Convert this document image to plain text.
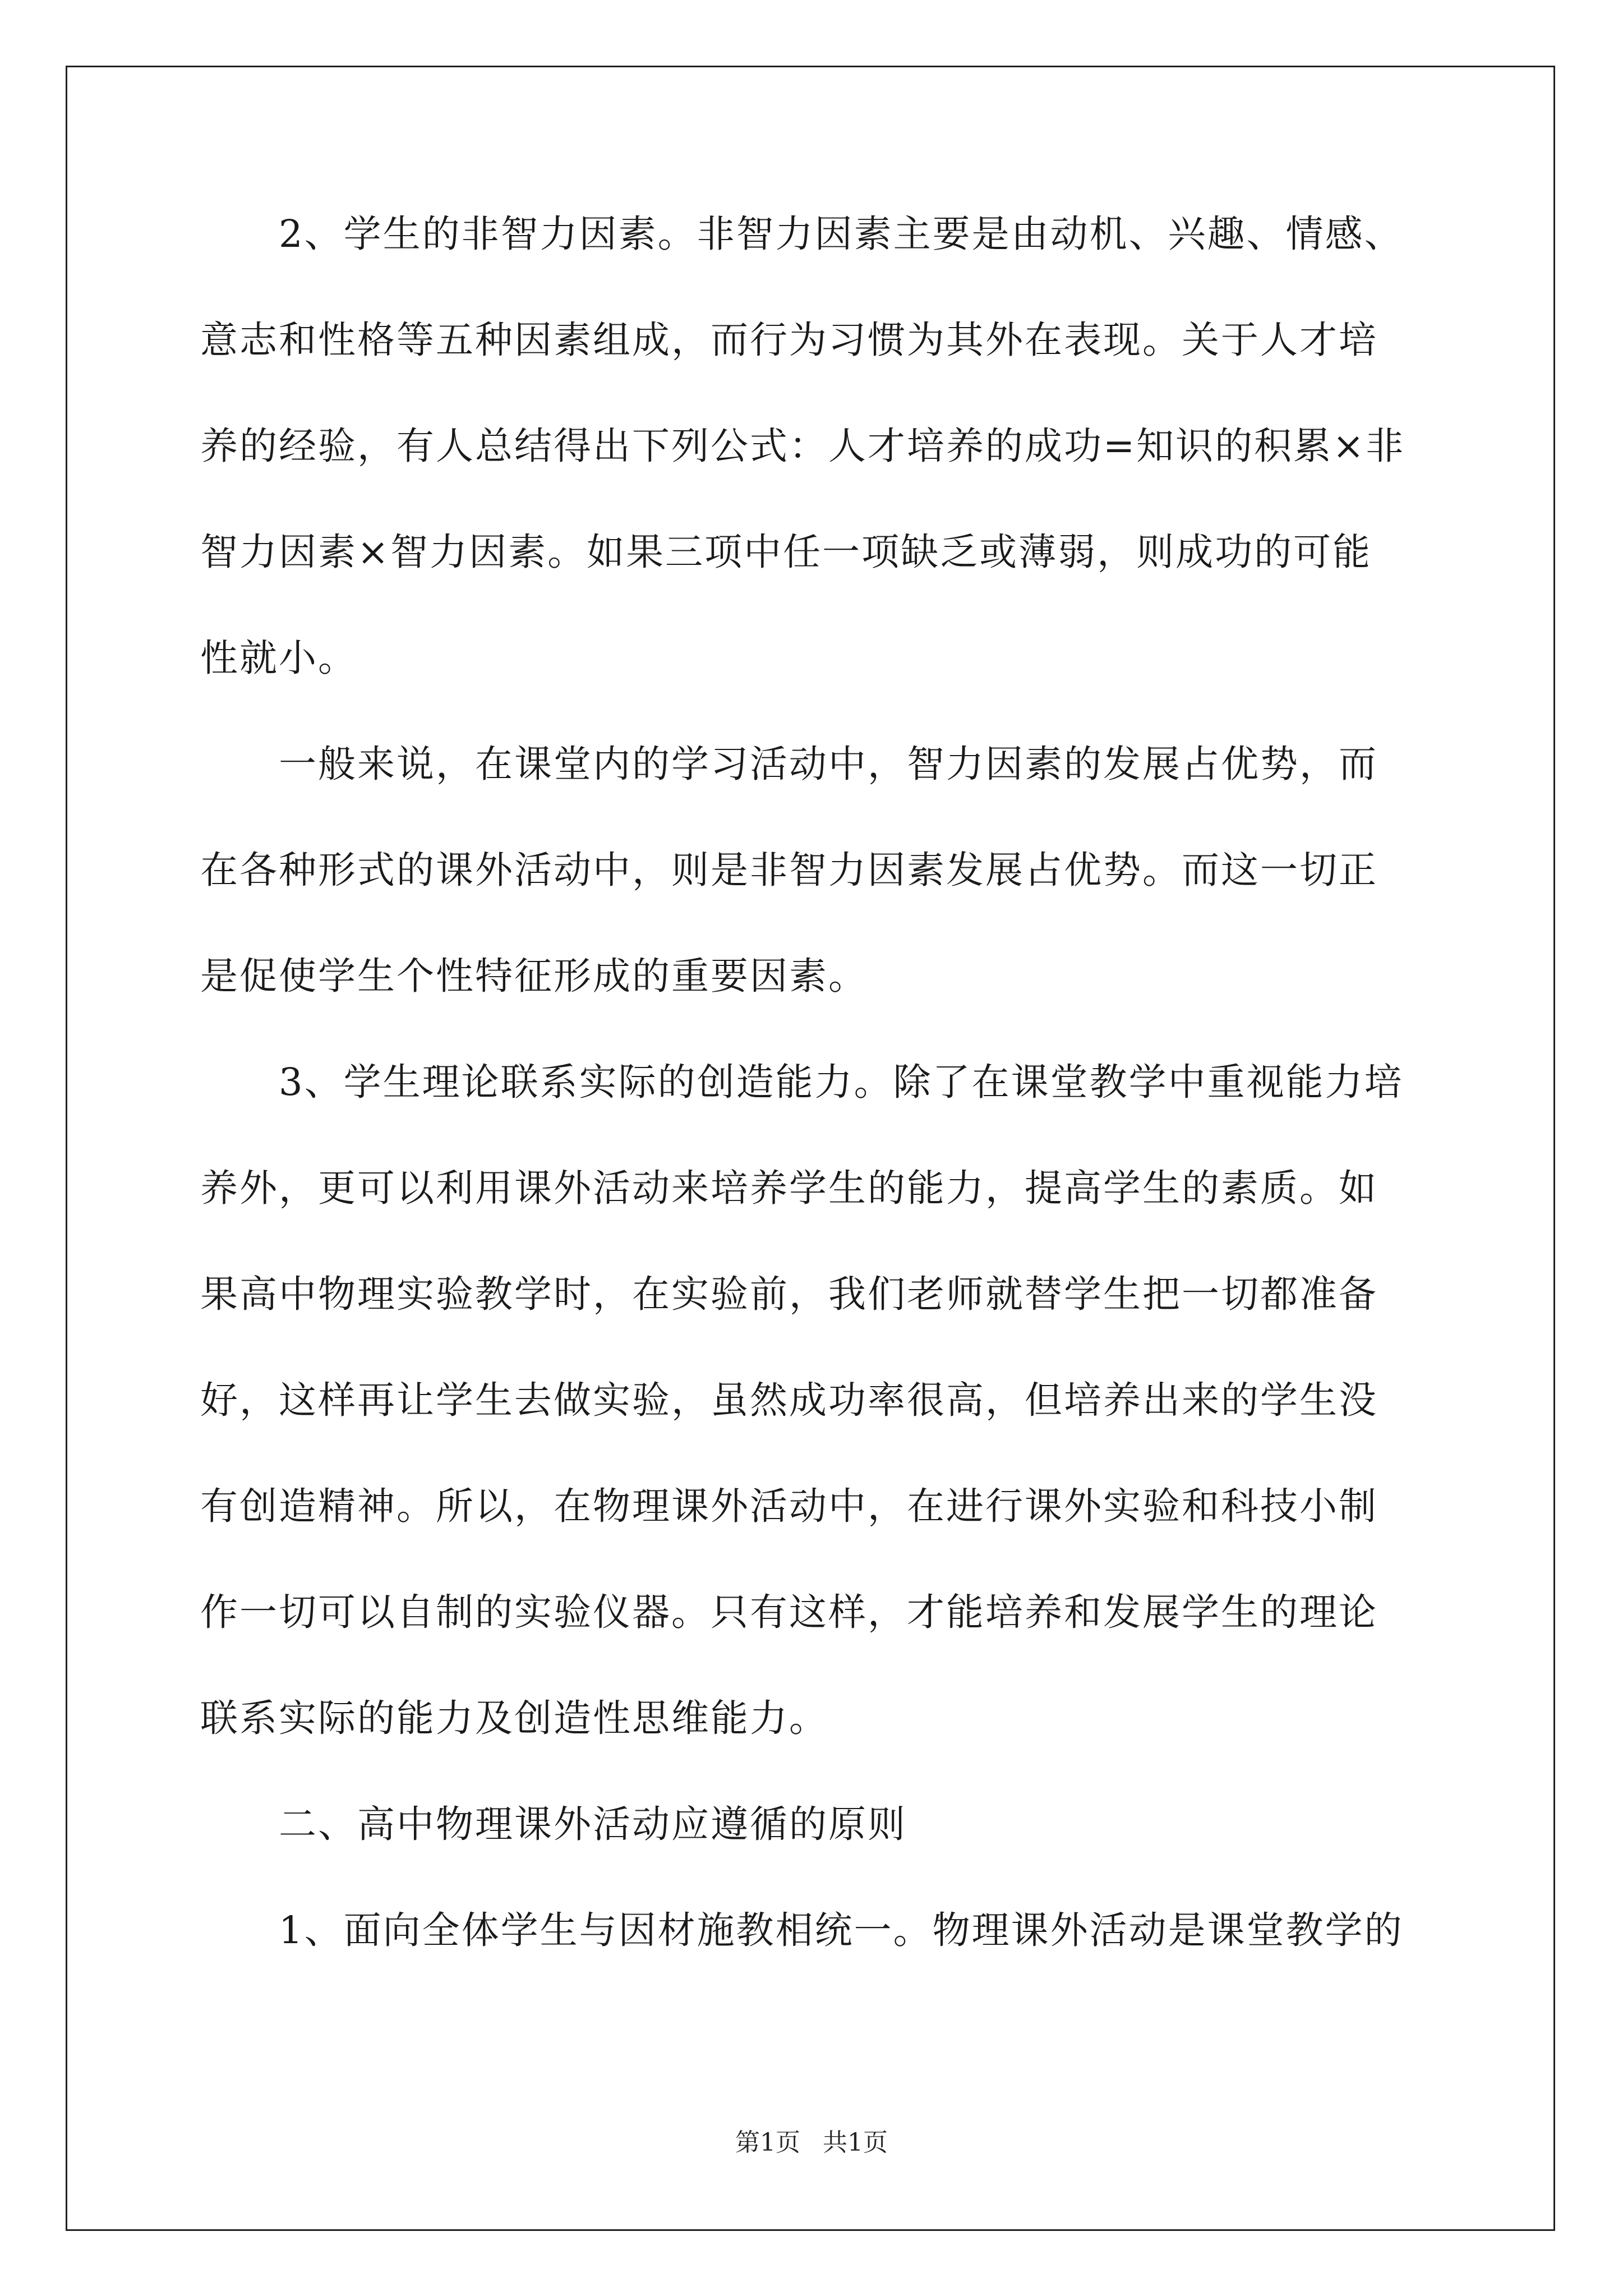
2、学生的非智力因素。非智力因素主要是由动机、兴趣、情感、
意志和性格等五种因素组成，而行为习惯为其外在表现。关于人才培
养的经验，有人总结得出下列公式：人才培养的成功=知识的积累×非
智力因素×智力因素。如果三项中任一项缺乏或薄弱，则成功的可能
性就小。
一般来说，在课堂内的学习活动中，智力因素的发展占优势，而
在各种形式的课外活动中，则是非智力因素发展占优势。而这一切正
是促使学生个性特征形成的重要因素。
3、学生理论联系实际的创造能力。除了在课堂教学中重视能力培
养外，更可以利用课外活动来培养学生的能力，提高学生的素质。如
果高中物理实验教学时，在实验前，我们老师就替学生把一切都准备
好，这样再让学生去做实验，虽然成功率很高，但培养出来的学生没
有创造精神。所以，在物理课外活动中，在进行课外实验和科技小制
作一切可以自制的实验仪器。只有这样，才能培养和发展学生的理论
联系实际的能力及创造性思维能力。
二、高中物理课外活动应遵循的原则
1、面向全体学生与因材施教相统一。物理课外活动是课堂教学的
第1页 共1页
